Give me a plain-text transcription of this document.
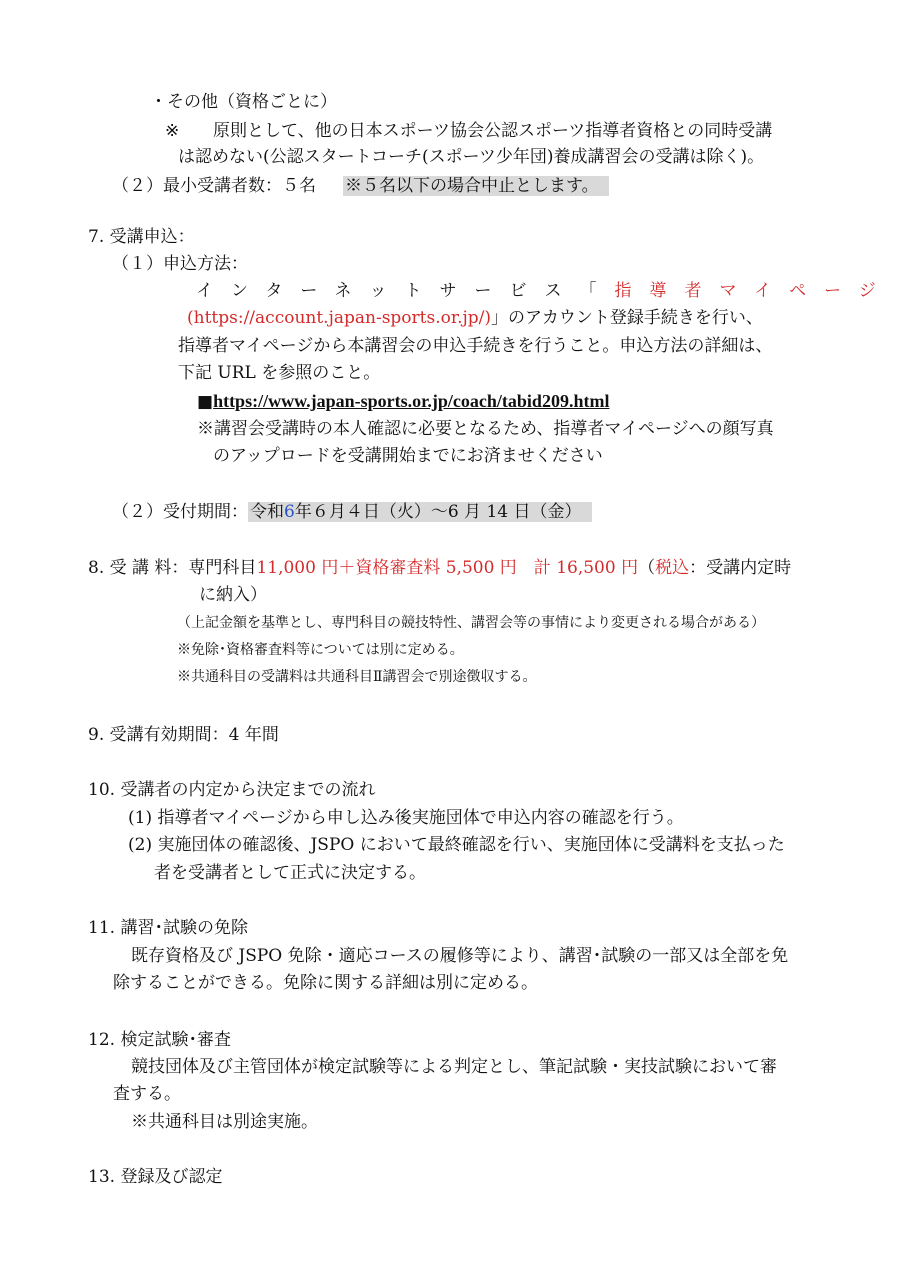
・その他（資格ごとに）
※ 原則として、他の日本スポーツ協会公認スポーツ指導者資格との同時受講
は認めない(公認スタートコーチ(スポーツ少年団)養成講習会の受講は除く)。
（２）最小受講者数：５名 ※５名以下の場合中止とします。
7. 受講申込：
（１）申込方法：
インターネットサービス「指導者マイページ
(https://account.japan-sports.or.jp/)」のアカウント登録手続きを行い、
指導者マイページから本講習会の申込手続きを行うこと。申込方法の詳細は、
下記 URL を参照のこと。
■https://www.japan-sports.or.jp/coach/tabid209.html
※講習会受講時の本人確認に必要となるため、指導者マイページへの顔写真
のアップロードを受講開始までにお済ませください
（２）受付期間： 令和6年６月４日（火）～6 月 14 日（金）
8. 受 講 料：専門科目11,000 円＋資格審査料 5,500 円　計 16,500 円（税込：受講内定時
に納入）
（上記金額を基準とし、専門科目の競技特性、講習会等の事情により変更される場合がある）
※免除･資格審査料等については別に定める。
※共通科目の受講料は共通科目Ⅱ講習会で別途徴収する。
9. 受講有効期間：4 年間
10. 受講者の内定から決定までの流れ
(1) 指導者マイページから申し込み後実施団体で申込内容の確認を行う。
(2) 実施団体の確認後、JSPO において最終確認を行い、実施団体に受講料を支払った
者を受講者として正式に決定する。
11. 講習･試験の免除
既存資格及び JSPO 免除・適応コースの履修等により、講習･試験の一部又は全部を免
除することができる。免除に関する詳細は別に定める。
12. 検定試験･審査
競技団体及び主管団体が検定試験等による判定とし、筆記試験・実技試験において審
査する。
※共通科目は別途実施。
13. 登録及び認定
